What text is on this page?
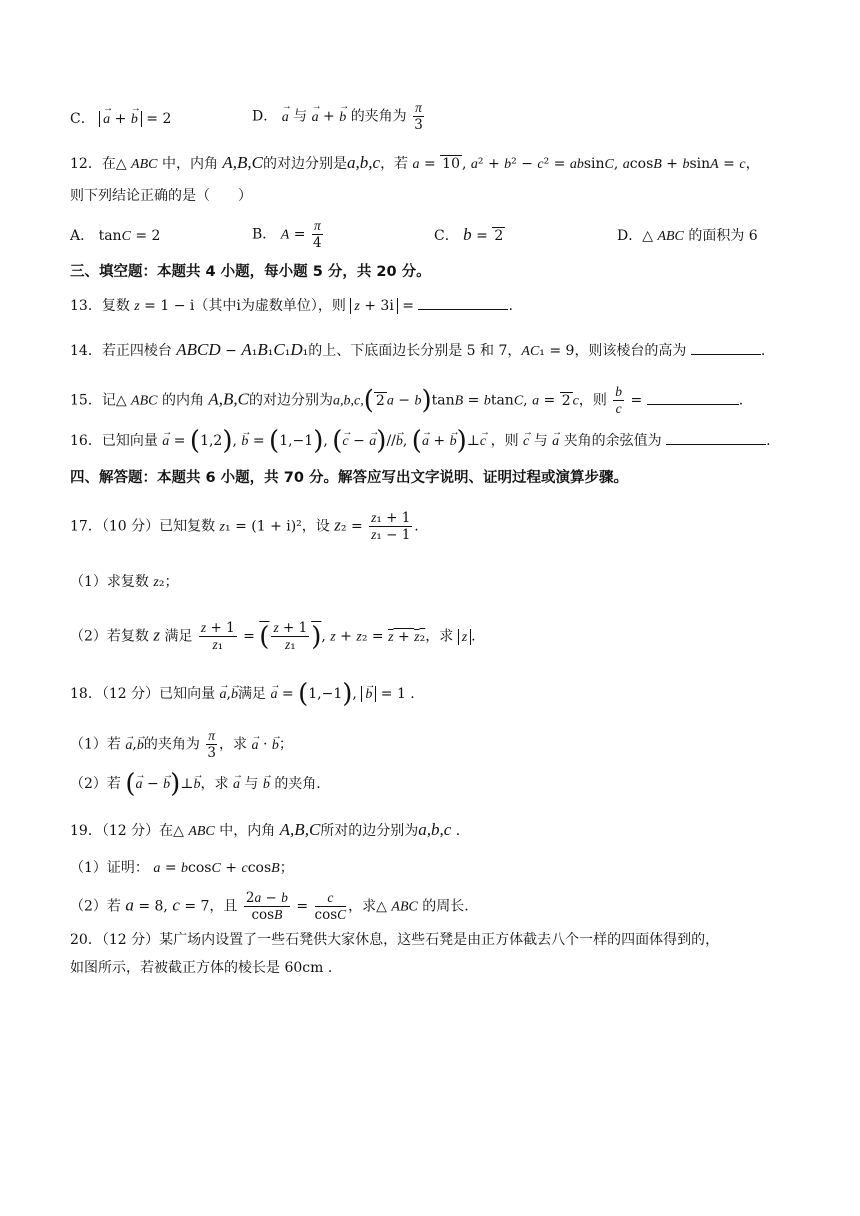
C． → a + → b = 2	D． → a 与 → a + → b 的夹角为 $\frac{\pi}{3}$
12．在△ ABC 中，内角 A,B,C的对边分别是a,b,c，若 a = 10 , a² + b² − c² = absinC, acosB + bsinA = c，
则下列结论正确的是（　　）
A． tanC = 2	B． $A = \frac{\pi}{4}$	C． b = 2	D．△ ABC 的面积为 6
三、填空题：本题共 4 小题，每小题 5 分，共 20 分。
13．复数 z = 1 − i（其中i为虚数单位），则 z + 3i =	.
14．若正四棱台 ABCD − A₁B₁C₁D₁的上、下底面边长分别是 5 和 7，AC₁ = 9，则该棱台的高为	.
15．记△ ABC 的内角 A,B,C的对边分别为a,b,c,( 2 a − b)tanB = btanC, a = 2 c，则 $\frac{b}{c}$ =	.
16．已知向量 → a = (1,2), → b = (1,−1), (→ c − → a)//→ b, (→ a + → b)⊥→ c ，则 → c 与 → a 夹角的余弦值为	.
四、解答题：本题共 6 小题，共 70 分。解答应写出文字说明、证明过程或演算步骤。
17．（10 分）已知复数 z₁ = (1 + i)²，设 $z_2 = \frac{\text{z₁ + 1}}{\text{z₁ − 1}}$ .
（1）求复数 z₂；
（2）若复数 z 满足 $\frac{z + 1}{\text{z₁}}$ = ( $\frac{z + 1}{\text{z₁}}$ ), z + z₂ = z + z₂，求 z .
18．（12 分）已知向量 → a,→ b满足 → a = (1,−1), → b = 1 .
（1）若 → a,→ b的夹角为 $\frac{\pi}{3}$ ，求 → a · → b；
（2）若 (→ a − → b)⊥→ b，求 → a 与 → b 的夹角.
19．（12 分）在△ ABC 中，内角 A,B,C所对的边分别为a,b,c .
（1）证明： a = bcosC + ccosB；
（2）若 a = 8, c = 7，且 $\frac{2a - b}{\cos B} = \frac{c}{\cos C}$ ，求△ ABC 的周长.
20．（12 分）某广场内设置了一些石凳供大家休息，这些石凳是由正方体截去八个一样的四面体得到的，
如图所示，若被截正方体的棱长是 60cm .
